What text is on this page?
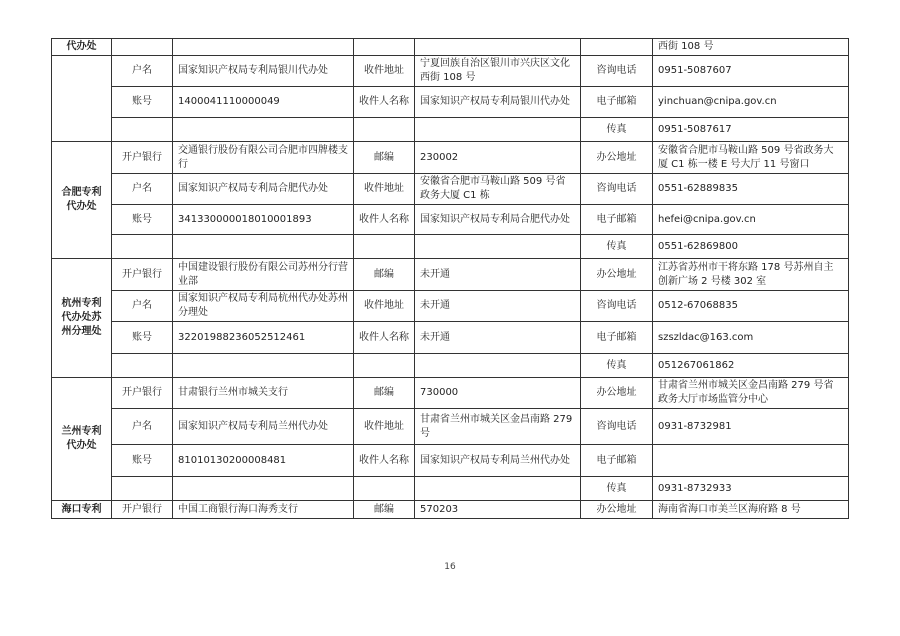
代办处						西街 108 号
	户名	国家知识产权局专利局银川代办处	收件地址	宁夏回族自治区银川市兴庆区文化西街 108 号	咨询电话	0951-5087607
	账号	1400041110000049	收件人名称	国家知识产权局专利局银川代办处	电子邮箱	yinchuan@cnipa.gov.cn
					传真	0951-5087617
合肥专利代办处	开户银行	交通银行股份有限公司合肥市四牌楼支行	邮编	230002	办公地址	安徽省合肥市马鞍山路 509 号省政务大厦 C1 栋一楼 E 号大厅 11 号窗口
	户名	国家知识产权局专利局合肥代办处	收件地址	安徽省合肥市马鞍山路 509 号省政务大厦 C1 栋	咨询电话	0551-62889835
	账号	341330000018010001893	收件人名称	国家知识产权局专利局合肥代办处	电子邮箱	hefei@cnipa.gov.cn
					传真	0551-62869800
杭州专利代办处苏州分理处	开户银行	中国建设银行股份有限公司苏州分行营业部	邮编	未开通	办公地址	江苏省苏州市干将东路 178 号苏州自主创新广场 2 号楼 302 室
	户名	国家知识产权局专利局杭州代办处苏州分理处	收件地址	未开通	咨询电话	0512-67068835
	账号	32201988236052512461	收件人名称	未开通	电子邮箱	szszldac@163.com
					传真	051267061862
兰州专利代办处	开户银行	甘肃银行兰州市城关支行	邮编	730000	办公地址	甘肃省兰州市城关区金昌南路 279 号省政务大厅市场监管分中心
	户名	国家知识产权局专利局兰州代办处	收件地址	甘肃省兰州市城关区金昌南路 279 号	咨询电话	0931-8732981
	账号	81010130200008481	收件人名称	国家知识产权局专利局兰州代办处	电子邮箱	
					传真	0931-8732933
海口专利	开户银行	中国工商银行海口海秀支行	邮编	570203	办公地址	海南省海口市美兰区海府路 8 号
16
